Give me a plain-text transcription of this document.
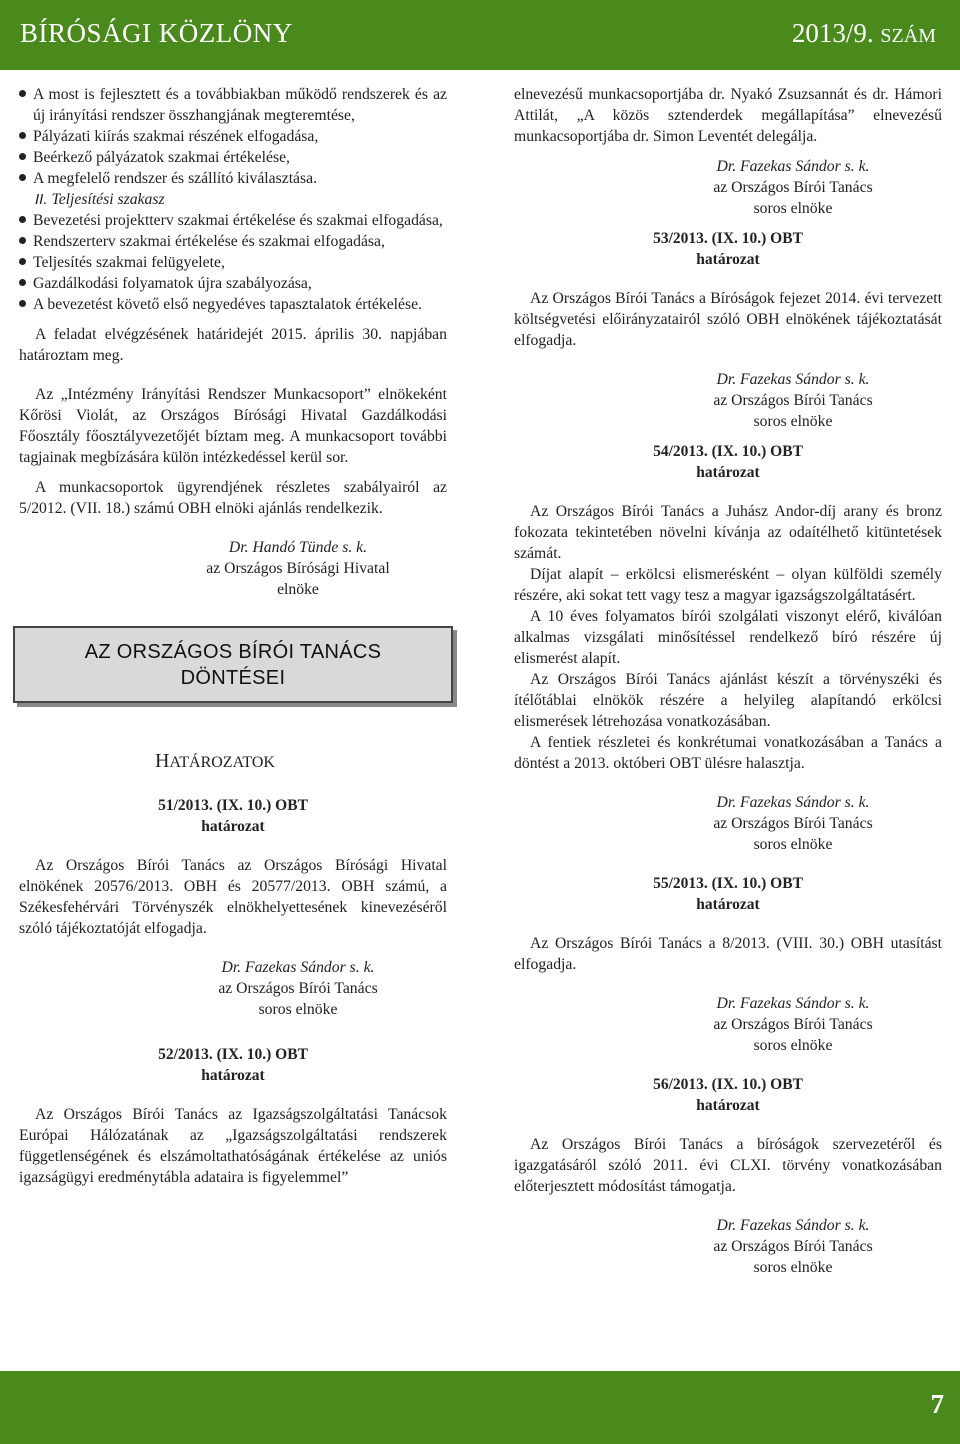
BÍRÓSÁGI KÖZLÖNY	2013/9. SZÁM
A most is fejlesztett és a továbbiakban működő rendszerek és az új irányítási rendszer összhangjának megteremtése,
Pályázati kiírás szakmai részének elfogadása,
Beérkező pályázatok szakmai értékelése,
A megfelelő rendszer és szállító kiválasztása.

II. Teljesítési szakasz

Bevezetési projektterv szakmai értékelése és szakmai elfogadása,
Rendszerterv szakmai értékelése és szakmai elfogadása,
Teljesítés szakmai felügyelete,
Gazdálkodási folyamatok újra szabályozása,
A bevezetést követő első negyedéves tapasztalatok értékelése.

A feladat elvégzésének határidejét 2015. április 30. napjában határoztam meg.

Az „Intézmény Irányítási Rendszer Munkacsoport” elnökeként Kőrösi Violát, az Országos Bírósági Hivatal Gazdálkodási Főosztály főosztályvezetőjét bíztam meg. A munkacsoport további tagjainak megbízására külön intézkedéssel kerül sor.

A munkacsoportok ügyrendjének részletes szabályairól az 5/2012. (VII. 18.) számú OBH elnöki ajánlás rendelkezik.

Dr. Handó Tünde s. k.
az Országos Bírósági Hivatal
elnöke
AZ ORSZÁGOS BÍRÓI TANÁCS
DÖNTÉSEI
HATÁROZATOK
51/2013. (IX. 10.) OBT
határozat

Az Országos Bírói Tanács az Országos Bírósági Hivatal elnökének 20576/2013. OBH és 20577/2013. OBH számú, a Székesfehérvári Törvényszék elnökhelyettesének kinevezéséről szóló tájékoztatóját elfogadja.

Dr. Fazekas Sándor s. k.
az Országos Bírói Tanács
soros elnöke
52/2013. (IX. 10.) OBT
határozat

Az Országos Bírói Tanács az Igazságszolgáltatási Tanácsok Európai Hálózatának az „Igazságszolgáltatási rendszerek függetlenségének és elszámoltathatóságának értékelése az uniós igazságügyi eredménytábla adataira is figyelemmel”

elnevezésű munkacsoportjába dr. Nyakó Zsuzsannát és dr. Hámori Attilát, „A közös sztenderdek megállapítása” elnevezésű munkacsoportjába dr. Simon Leventét delegálja.

Dr. Fazekas Sándor s. k.
az Országos Bírói Tanács
soros elnöke
53/2013. (IX. 10.) OBT
határozat

Az Országos Bírói Tanács a Bíróságok fejezet 2014. évi tervezett költségvetési előirányzatairól szóló OBH elnökének tájékoztatását elfogadja.

Dr. Fazekas Sándor s. k.
az Országos Bírói Tanács
soros elnöke
54/2013. (IX. 10.) OBT
határozat

Az Országos Bírói Tanács a Juhász Andor-díj arany és bronz fokozata tekintetében növelni kívánja az odaítélhető kitüntetések számát.

Díjat alapít – erkölcsi elismerésként – olyan külföldi személy részére, aki sokat tett vagy tesz a magyar igazságszolgáltatásért.

A 10 éves folyamatos bírói szolgálati viszonyt elérő, kiválóan alkalmas vizsgálati minősítéssel rendelkező bíró részére új elismerést alapít.

Az Országos Bírói Tanács ajánlást készít a törvényszéki és ítélőtáblai elnökök részére a helyileg alapítandó erkölcsi elismerések létrehozása vonatkozásában.

A fentiek részletei és konkrétumai vonatkozásában a Tanács a döntést a 2013. októberi OBT ülésre halasztja.

Dr. Fazekas Sándor s. k.
az Országos Bírói Tanács
soros elnöke
55/2013. (IX. 10.) OBT
határozat

Az Országos Bírói Tanács a 8/2013. (VIII. 30.) OBH utasítást elfogadja.

Dr. Fazekas Sándor s. k.
az Országos Bírói Tanács
soros elnöke
56/2013. (IX. 10.) OBT
határozat

Az Országos Bírói Tanács a bíróságok szervezetéről és igazgatásáról szóló 2011. évi CLXI. törvény vonatkozásában előterjesztett módosítást támogatja.

Dr. Fazekas Sándor s. k.
az Országos Bírói Tanács
soros elnöke
7
